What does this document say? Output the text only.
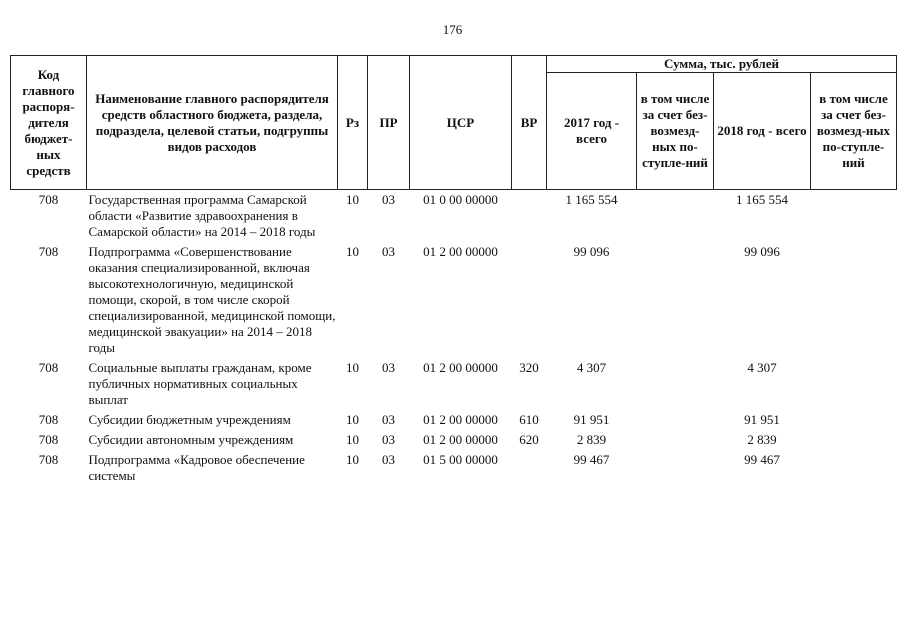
176
Код главного распоря-дителя бюджет-ных средств	Наименование главного распорядителя средств областного бюджета, раздела, подраздела, целевой статьи, подгруппы видов расходов	Рз	ПР	ЦСР	ВР	Сумма, тыс. рублей			
						2017 год - всего	в том числе за счет без-возмезд-ных по-ступле-ний	2018 год - всего	в том числе за счет без-возмезд-ных по-ступле-ний
708	Государственная программа Самарской области «Развитие здравоохранения в Самарской области» на 2014 – 2018 годы	10	03	01 0 00 00000		1 165 554		1 165 554	
708	Подпрограмма «Совершенствование оказания специализированной, включая высокотехнологичную, медицинской помощи, скорой, в том числе скорой специализированной, медицинской помощи, медицинской эвакуации» на 2014 – 2018 годы	10	03	01 2 00 00000		99 096		99 096	
708	Социальные выплаты гражданам, кроме публичных нормативных социальных выплат	10	03	01 2 00 00000	320	4 307		4 307	
708	Субсидии бюджетным учреждениям	10	03	01 2 00 00000	610	91 951		91 951	
708	Субсидии автономным учреждениям	10	03	01 2 00 00000	620	2 839		2 839	
708	Подпрограмма «Кадровое обеспечение системы	10	03	01 5 00 00000		99 467		99 467	
